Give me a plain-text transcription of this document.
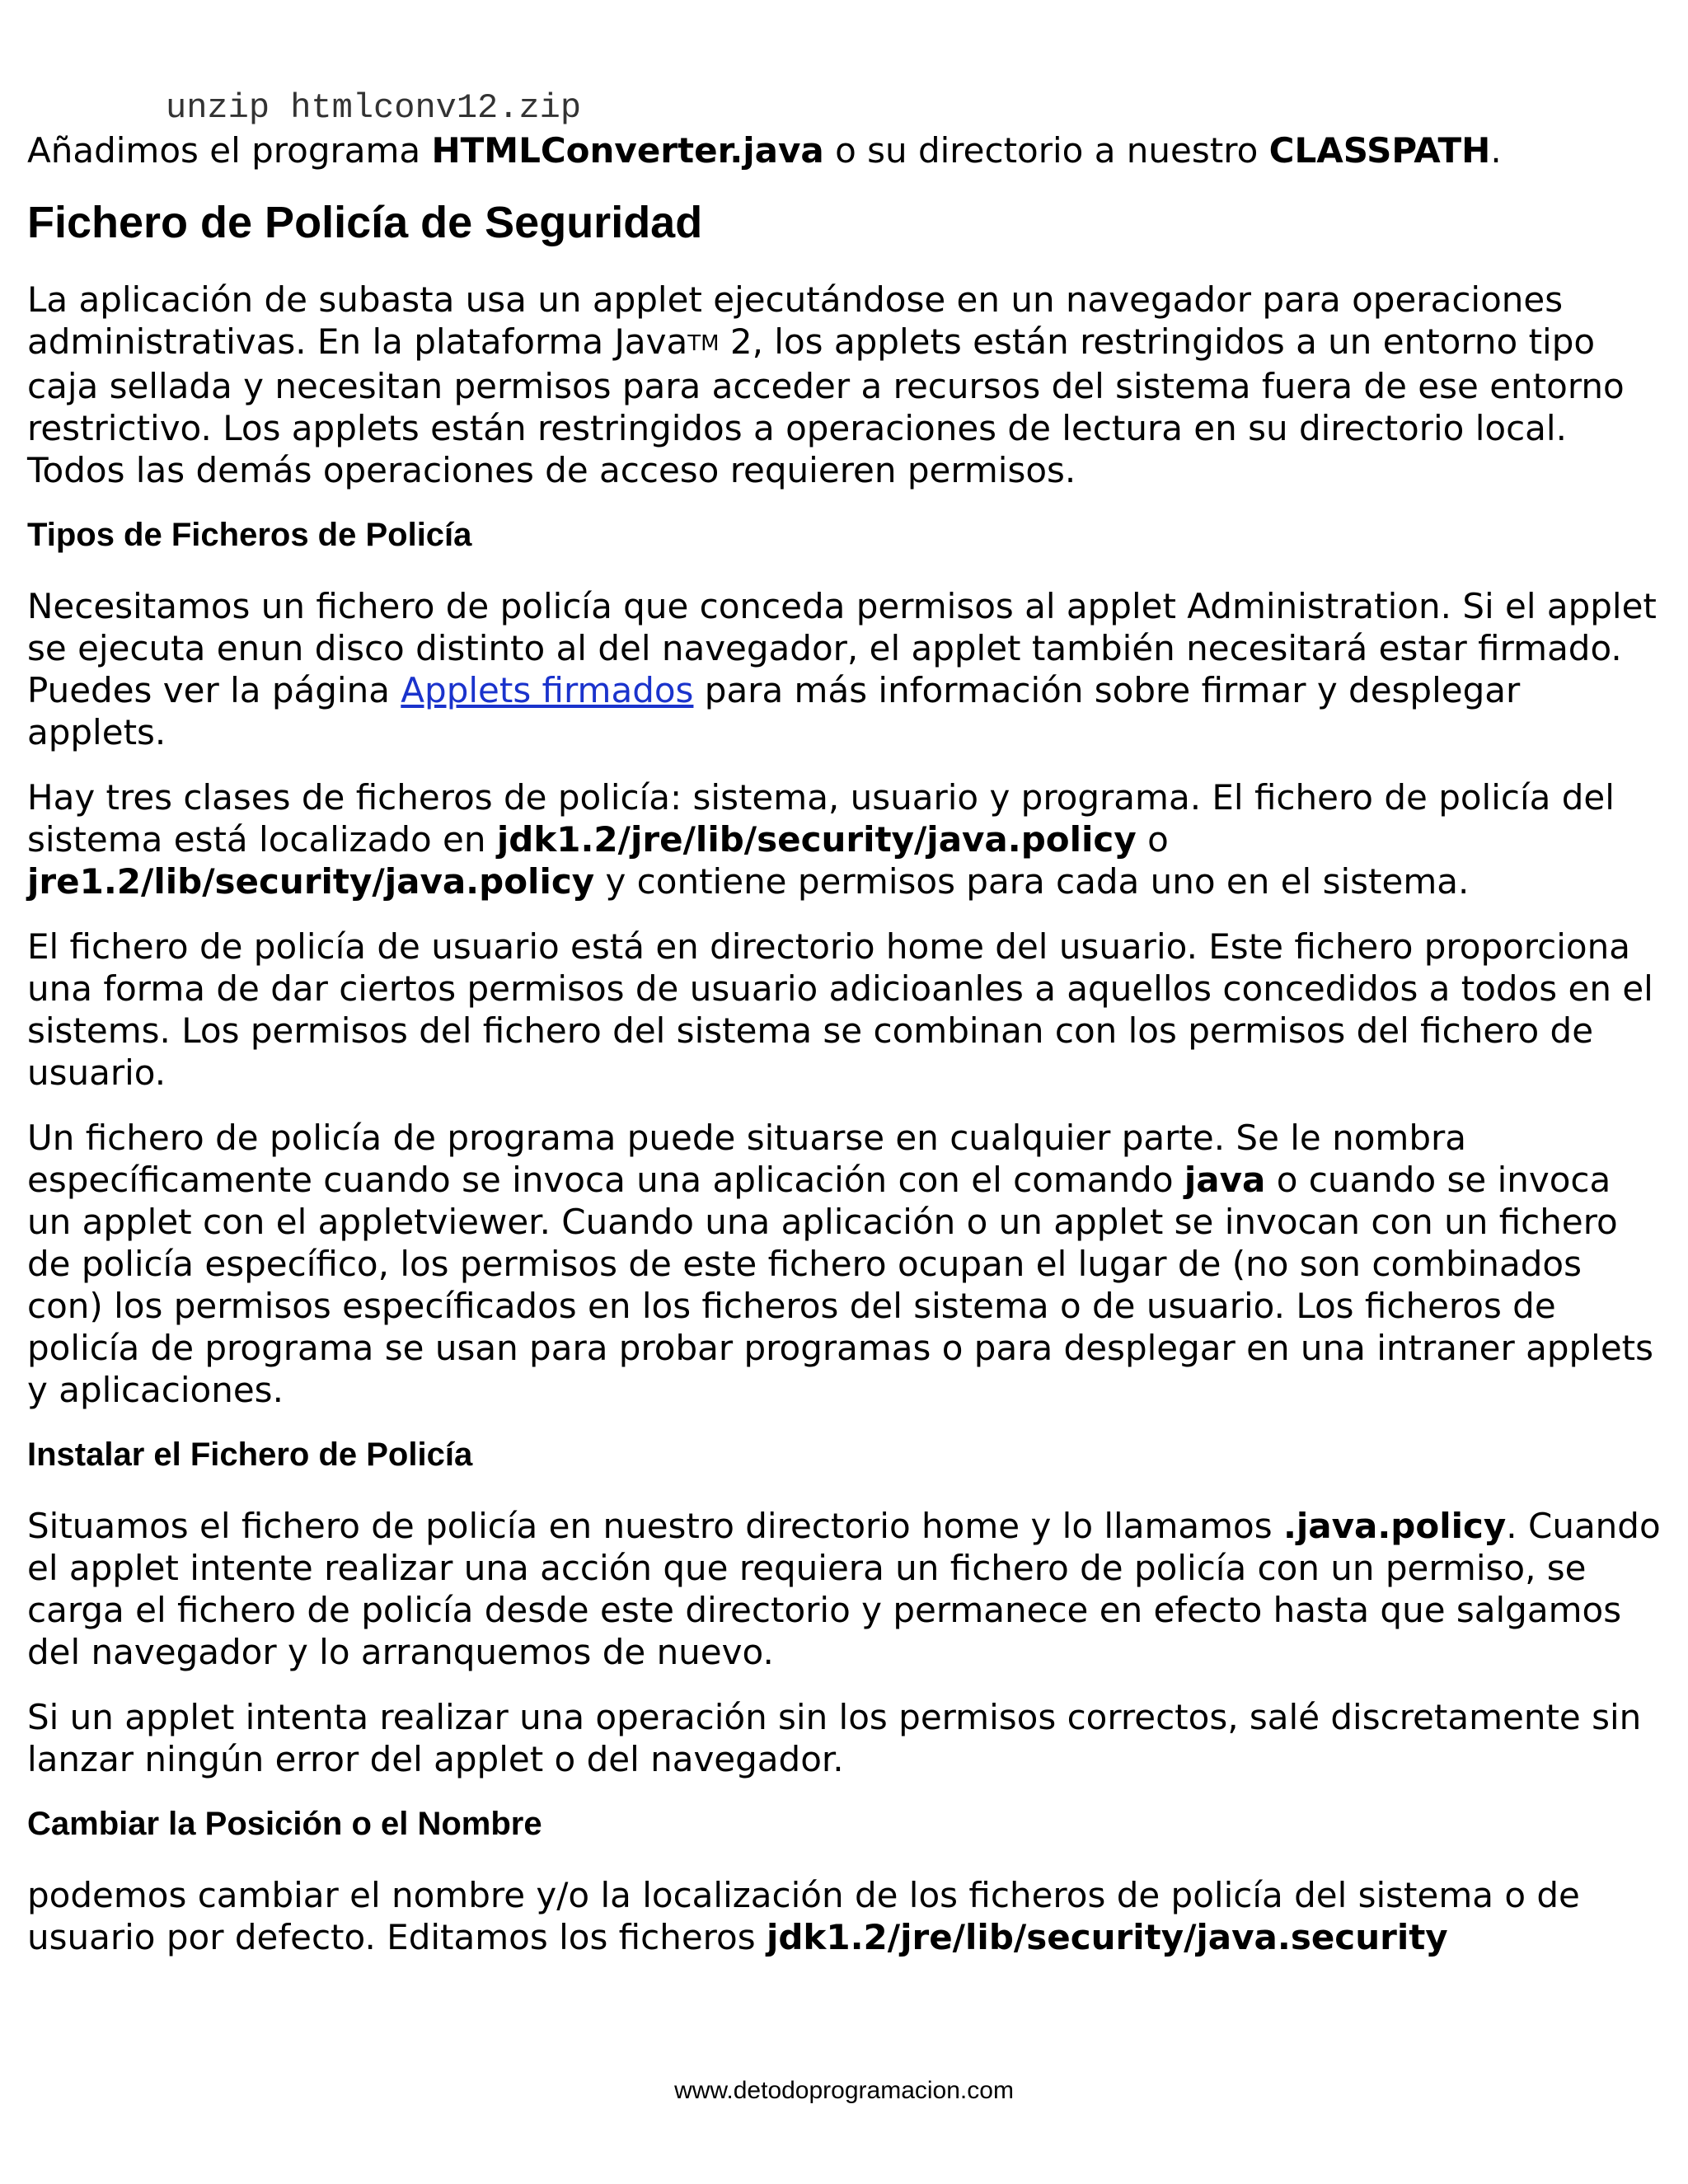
unzip htmlconv12.zip

Añadimos el programa HTMLConverter.java o su directorio a nuestro CLASSPATH.

Fichero de Policía de Seguridad

La aplicación de subasta usa un applet ejecutándose en un navegador para operaciones administrativas. En la plataforma JavaTM 2, los applets están restringidos a un entorno tipo caja sellada y necesitan permisos para acceder a recursos del sistema fuera de ese entorno restrictivo. Los applets están restringidos a operaciones de lectura en su directorio local. Todos las demás operaciones de acceso requieren permisos.

Tipos de Ficheros de Policía

Necesitamos un fichero de policía que conceda permisos al applet Administration. Si el applet se ejecuta enun disco distinto al del navegador, el applet también necesitará estar firmado. Puedes ver la página Applets firmados para más información sobre firmar y desplegar applets.

Hay tres clases de ficheros de policía: sistema, usuario y programa. El fichero de policía del sistema está localizado en jdk1.2/jre/lib/security/java.policy o jre1.2/lib/security/java.policy y contiene permisos para cada uno en el sistema.

El fichero de policía de usuario está en directorio home del usuario. Este fichero proporciona una forma de dar ciertos permisos de usuario adicioanles a aquellos concedidos a todos en el sistems. Los permisos del fichero del sistema se combinan con los permisos del fichero de usuario.

Un fichero de policía de programa puede situarse en cualquier parte. Se le nombra específicamente cuando se invoca una aplicación con el comando java o cuando se invoca un applet con el appletviewer. Cuando una aplicación o un applet se invocan con un fichero de policía específico, los permisos de este fichero ocupan el lugar de (no son combinados con) los permisos específicados en los ficheros del sistema o de usuario. Los ficheros de policía de programa se usan para probar programas o para desplegar en una intraner applets y aplicaciones.

Instalar el Fichero de Policía

Situamos el fichero de policía en nuestro directorio home y lo llamamos .java.policy. Cuando el applet intente realizar una acción que requiera un fichero de policía con un permiso, se carga el fichero de policía desde este directorio y permanece en efecto hasta que salgamos del navegador y lo arranquemos de nuevo.

Si un applet intenta realizar una operación sin los permisos correctos, salé discretamente sin lanzar ningún error del applet o del navegador.

Cambiar la Posición o el Nombre

podemos cambiar el nombre y/o la localización de los ficheros de policía del sistema o de usuario por defecto. Editamos los ficheros jdk1.2/jre/lib/security/java.security

www.detodoprogramacion.com
